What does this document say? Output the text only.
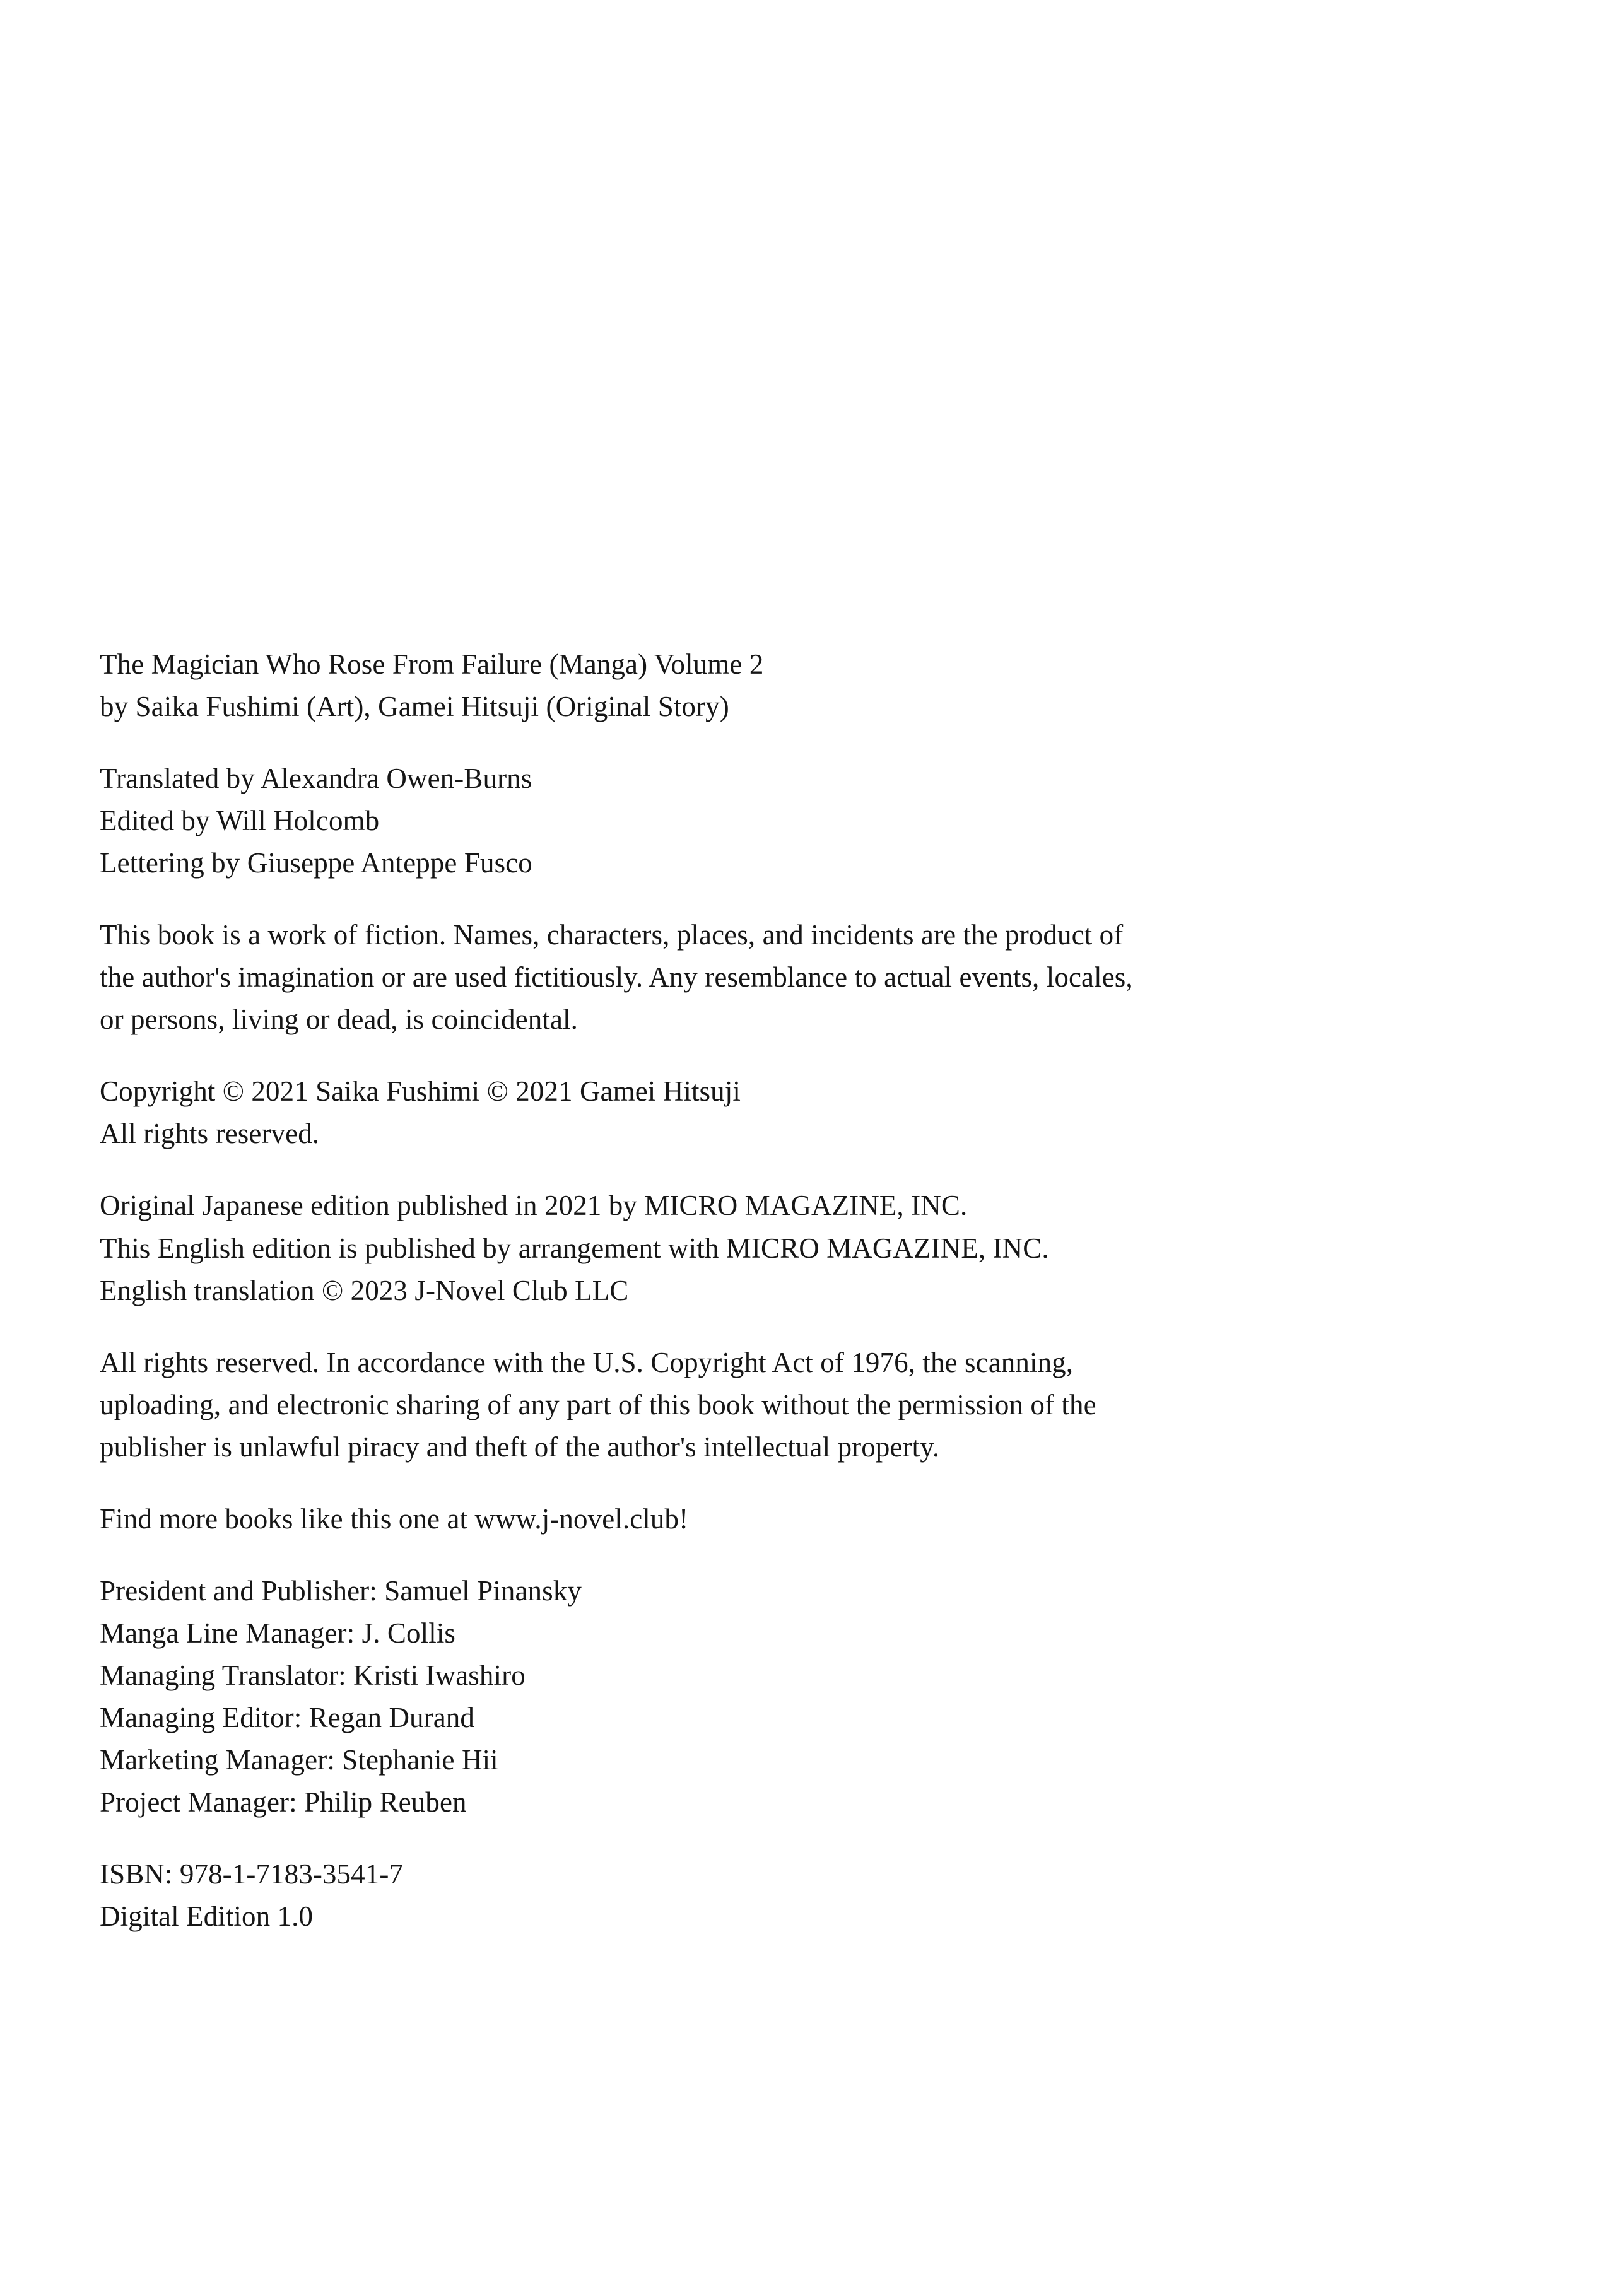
The Magician Who Rose From Failure (Manga) Volume 2
by Saika Fushimi (Art), Gamei Hitsuji (Original Story)

Translated by Alexandra Owen-Burns
Edited by Will Holcomb
Lettering by Giuseppe Anteppe Fusco

This book is a work of fiction. Names, characters, places, and incidents are the product of
the author's imagination or are used fictitiously. Any resemblance to actual events, locales,
or persons, living or dead, is coincidental.

Copyright © 2021 Saika Fushimi © 2021 Gamei Hitsuji
All rights reserved.

Original Japanese edition published in 2021 by MICRO MAGAZINE, INC.
This English edition is published by arrangement with MICRO MAGAZINE, INC.
English translation © 2023 J-Novel Club LLC

All rights reserved. In accordance with the U.S. Copyright Act of 1976, the scanning,
uploading, and electronic sharing of any part of this book without the permission of the
publisher is unlawful piracy and theft of the author's intellectual property.

Find more books like this one at www.j-novel.club!

President and Publisher: Samuel Pinansky
Manga Line Manager: J. Collis
Managing Translator: Kristi Iwashiro
Managing Editor: Regan Durand
Marketing Manager: Stephanie Hii
Project Manager: Philip Reuben

ISBN: 978-1-7183-3541-7
Digital Edition 1.0
